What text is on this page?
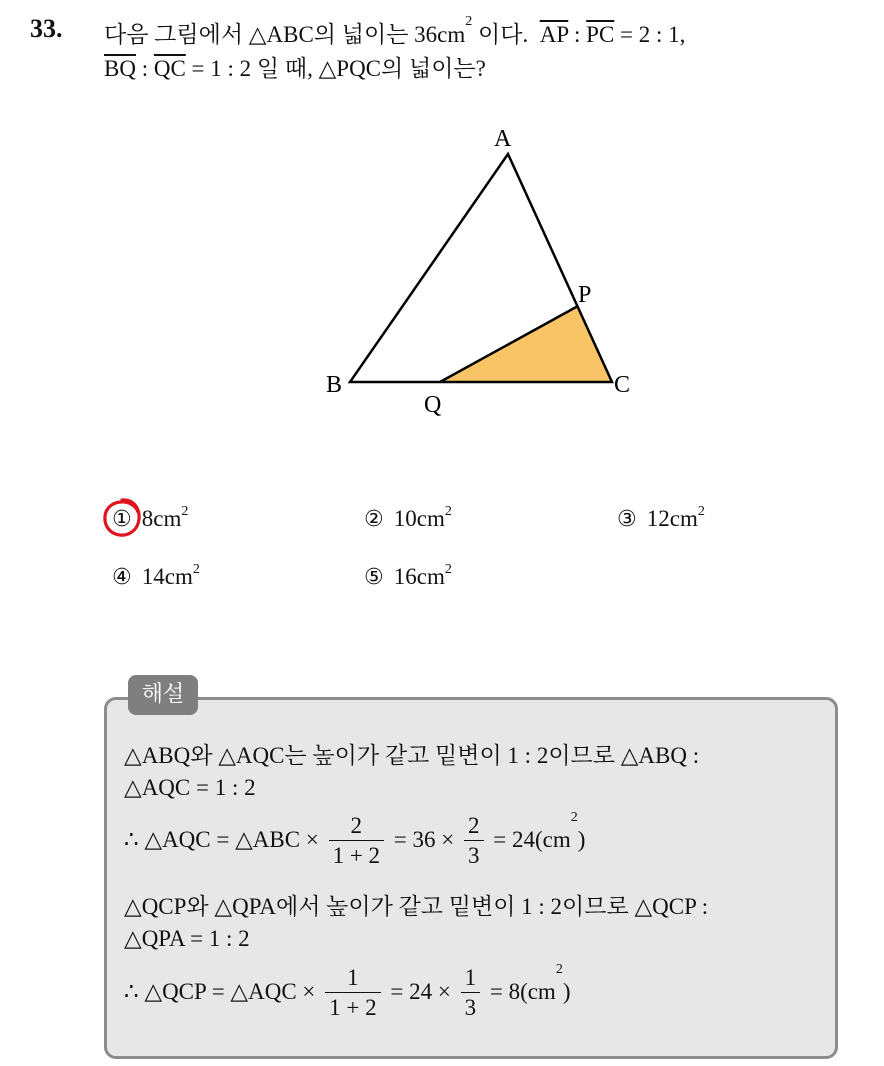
33. 다음 그림에서 △ABC의 넓이는 $36cm^2$ 이다. $\overline{AP}$ : $\overline{PC} = 2$ : 1,
$\overline{BQ}$ : $\overline{QC} = 1$ : 2 일 때, △PQC의 넓이는?
A
B	C
P
Q
① $8cm^2$	② $10cm^2$	③ $12cm^2$
④ $14cm^2$	⑤ $16cm^2$
해설
△ABQ와 △AQC는 높이가 같고 밑변이 1 : 2이므로 △ABQ :
△AQC = 1 : 2
∴ △AQC = △ABC × $\frac{2}{1 + 2} = 36 \times \frac{2}{3} = 24(cm^2)$
△QCP와 △QPA에서 높이가 같고 밑변이 1 : 2이므로 △QCP :
△QPA = 1 : 2
∴ △QCP = △AQC × $\frac{1}{1 + 2} = 24 \times \frac{1}{3} = 8(cm^2)$
